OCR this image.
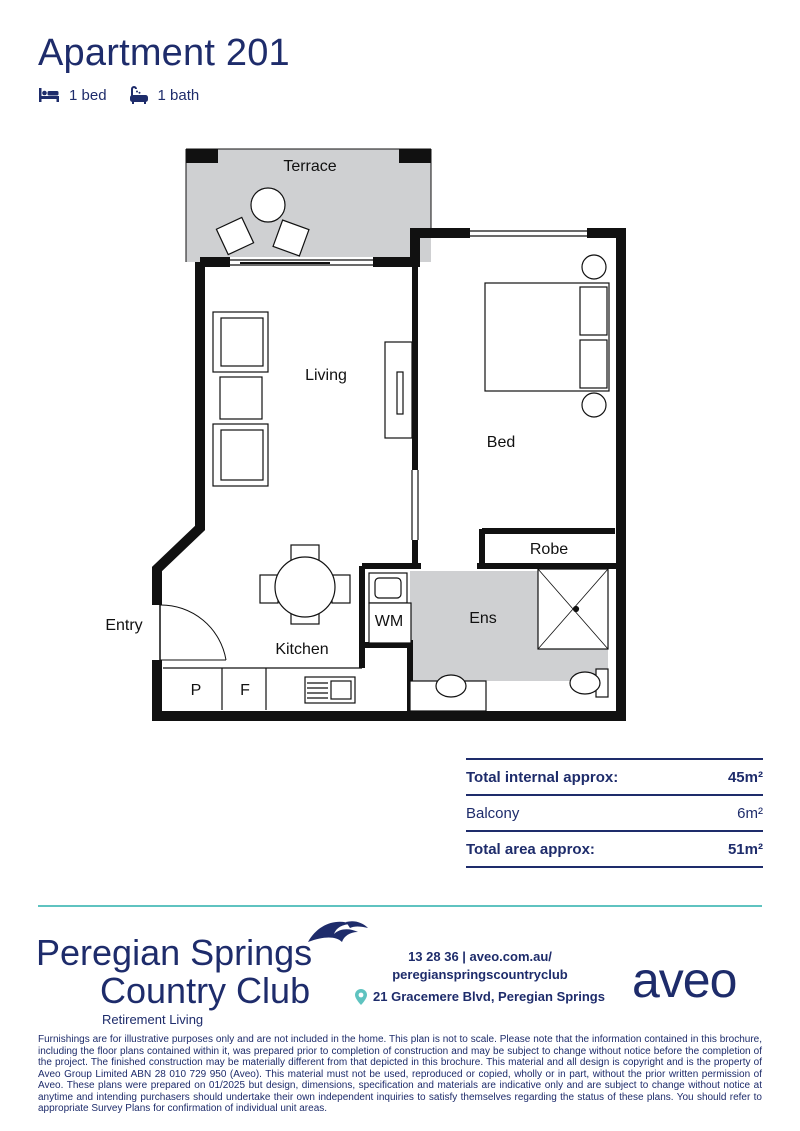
Apartment 201
1 bed	1 bath
Terrace
Living
Bed
Robe
Ens
WM
Kitchen
Entry
P F
Total internal approx:	45m²
Balcony	6m²
Total area approx:	51m²
Peregian Springs
Country Club
Retirement Living
13 28 36 | aveo.com.au/
peregianspringscountryclub
21 Gracemere Blvd, Peregian Springs aveo

Furnishings are for illustrative purposes only and are not included in the home. This plan is not to scale. Please note that the information contained in this brochure, including the floor plans contained within it, was prepared prior to completion of construction and may be subject to change without notice before the completion of the project. The finished construction may be materially different from that depicted in this brochure. This material and all design is copyright and is the property of Aveo Group Limited ABN 28 010 729 950 (Aveo). This material must not be used, reproduced or copied, wholly or in part, without the prior written permission of Aveo. These plans were prepared on 01/2025 but design, dimensions, specification and materials are indicative only and are subject to change without notice at anytime and intending purchasers should undertake their own independent inquiries to satisfy themselves regarding the status of these plans. You should refer to appropriate Survey Plans for confirmation of individual unit areas.
